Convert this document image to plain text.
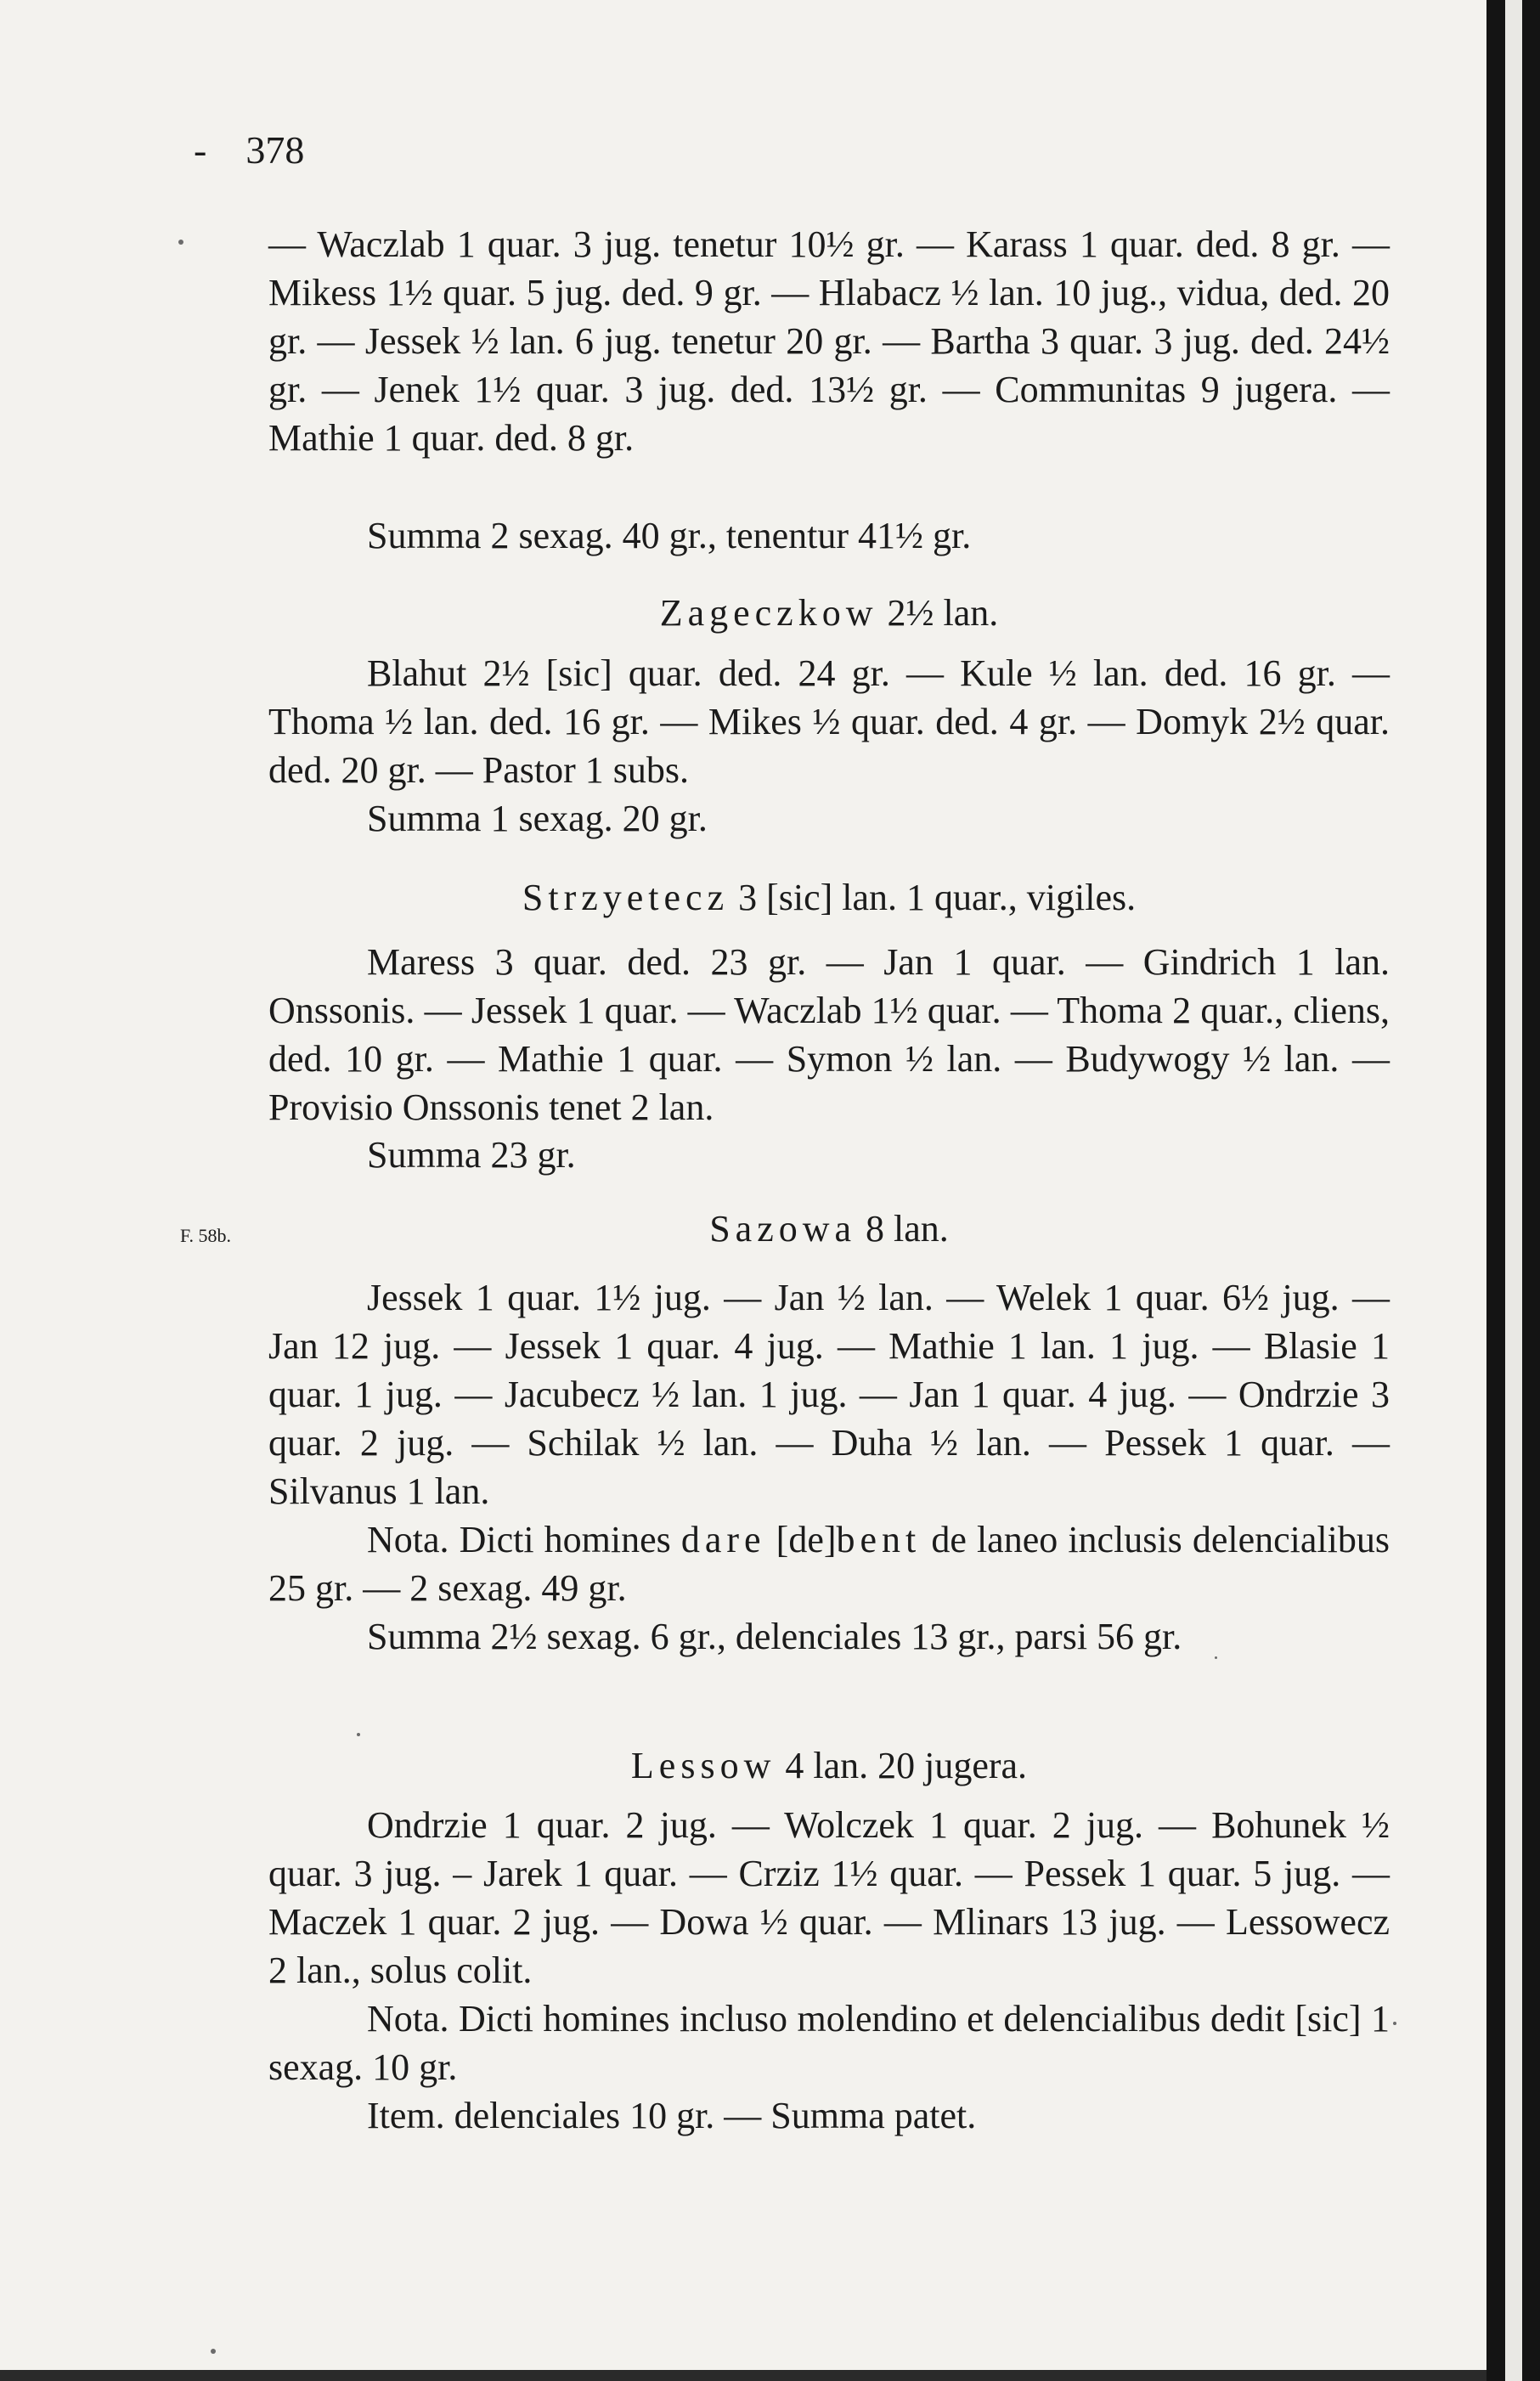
- 378

— Waczlab 1 quar. 3 jug. tenetur 10½ gr. — Karass 1 quar. ded. 8 gr. — Mikess 1½ quar. 5 jug. ded. 9 gr. — Hlabacz ½ lan. 10 jug., vidua, ded. 20 gr. — Jessek ½ lan. 6 jug. tenetur 20 gr. — Bartha 3 quar. 3 jug. ded. 24½ gr. — Jenek 1½ quar. 3 jug. ded. 13½ gr. — Communitas 9 jugera. — Mathie 1 quar. ded. 8 gr.

Summa 2 sexag. 40 gr., tenentur 41½ gr.
Zageczkow 2½ lan.

Blahut 2½ [sic] quar. ded. 24 gr. — Kule ½ lan. ded. 16 gr. — Thoma ½ lan. ded. 16 gr. — Mikes ½ quar. ded. 4 gr. — Domyk 2½ quar. ded. 20 gr. — Pastor 1 subs.

Summa 1 sexag. 20 gr.
Strzyetecz 3 [sic] lan. 1 quar., vigiles.

Maress 3 quar. ded. 23 gr. — Jan 1 quar. — Gindrich 1 lan. Onssonis. — Jessek 1 quar. — Waczlab 1½ quar. — Thoma 2 quar., cliens, ded. 10 gr. — Mathie 1 quar. — Symon ½ lan. — Budywogy ½ lan. — Provisio Onssonis tenet 2 lan.

Summa 23 gr.
F. 58b.	Sazowa 8 lan.

Jessek 1 quar. 1½ jug. — Jan ½ lan. — Welek 1 quar. 6½ jug. — Jan 12 jug. — Jessek 1 quar. 4 jug. — Mathie 1 lan. 1 jug. — Blasie 1 quar. 1 jug. — Jacubecz ½ lan. 1 jug. — Jan 1 quar. 4 jug. — Ondrzie 3 quar. 2 jug. — Schilak ½ lan. — Duha ½ lan. — Pessek 1 quar. — Silvanus 1 lan.

Nota. Dicti homines dare [de]bent de laneo inclusis delencialibus 25 gr. — 2 sexag. 49 gr.

Summa 2½ sexag. 6 gr., delenciales 13 gr., parsi 56 gr.

Lessow 4 lan. 20 jugera.

Ondrzie 1 quar. 2 jug. — Wolczek 1 quar. 2 jug. — Bohunek ½ quar. 3 jug. – Jarek 1 quar. — Crziz 1½ quar. — Pessek 1 quar. 5 jug. — Maczek 1 quar. 2 jug. — Dowa ½ quar. — Mlinars 13 jug. — Lessowecz 2 lan., solus colit.

Nota. Dicti homines incluso molendino et delencialibus dedit [sic] 1 sexag. 10 gr.

Item. delenciales 10 gr. — Summa patet.
